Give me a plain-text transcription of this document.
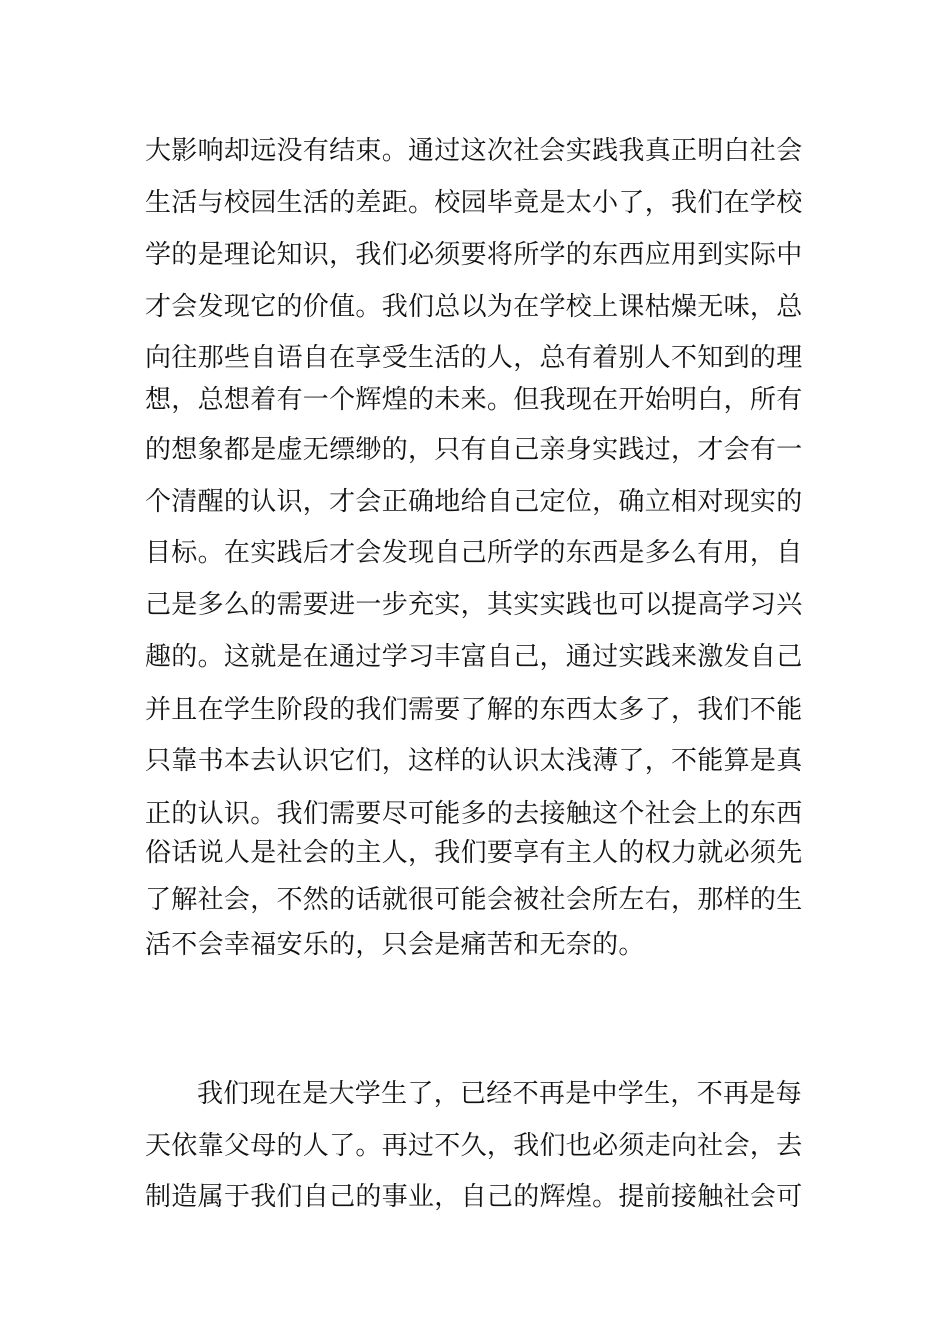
大影响却远没有结束。通过这次社会实践我真正明白社会
生活与校园生活的差距。校园毕竟是太小了，我们在学校
学的是理论知识，我们必须要将所学的东西应用到实际中
才会发现它的价值。我们总以为在学校上课枯燥无味，总
向往那些自语自在享受生活的人，总有着别人不知到的理
想，总想着有一个辉煌的未来。但我现在开始明白，所有
的想象都是虚无缥缈的，只有自己亲身实践过，才会有一
个清醒的认识，才会正确地给自己定位，确立相对现实的
目标。在实践后才会发现自己所学的东西是多么有用，自
己是多么的需要进一步充实，其实实践也可以提高学习兴
趣的。这就是在通过学习丰富自己，通过实践来激发自己
并且在学生阶段的我们需要了解的东西太多了，我们不能
只靠书本去认识它们，这样的认识太浅薄了，不能算是真
正的认识。我们需要尽可能多的去接触这个社会上的东西
俗话说人是社会的主人，我们要享有主人的权力就必须先
了解社会，不然的话就很可能会被社会所左右，那样的生
活不会幸福安乐的，只会是痛苦和无奈的。
我们现在是大学生了，已经不再是中学生，不再是每
天依靠父母的人了。再过不久，我们也必须走向社会，去
制造属于我们自己的事业，自己的辉煌。提前接触社会可
